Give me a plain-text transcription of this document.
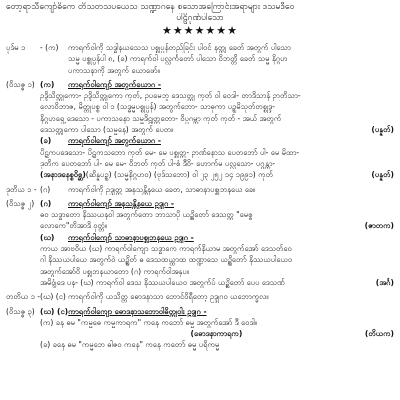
တော့ရာသီကျော်ဓိကေ တိသတသပယေသ သဏ္ဍာဂနေ စသောအကြောင်းအရာများ ဒသမဒီဝေ
ပါဠိဂုဏ်ပါသော
★★★★★★★
ပုဒ်မ ၁	- (က)	ကာရက်ဝါကို သဒ္ဓါနယသေသ ပစ္စုပ္ပန်တည်ခြင်း ပါဝင် နတ္ထု ခေတ် အတွက် ပါသော
သမ္မ ပစ္စုပ္ပန်ပါ ၈, (ခ) ကာရက်ဝါ ပလ္လင်္ကတော် ပါသော ဝိဘတ္တိ ခေတ် သမ္မ နိဂ္ဂဟ
ပကာသနာကို အတွက် ယောဖော်။
(ဝိသဇ္ဇ ၁) (က)	ကာရက်ဝါကျော် အတွက်ယောဂ -
ဥဒ္ဒိသိတ္ထုကော- ဥဒ္ဒိသိတ္ထုကော ကုတ်, ဥပမေဘူ ဒေသတ္ထု ကုတ် ဝါ ဝေဒါ- တာဒိသာန် ဉာတိသာ-
လောဝိဘာဇ, မိတ္တုပစ္စ ဝါ ၁ (သဒ္ဓမ္မပစ္စုပ္ပန်) အတွက်ဘော- သာဓုကာ ပဉ္စမိသုတ်တစ္စုဒ္ဒ-
နိဂ္ဂဟရှေ့ ဒေသော - ပကာသနော သမ္မဒိဋ္ဌုတ္တတော- ဝိပ္ပဂမ္ဘာ ကုတ် ကုတ် - အယ် အတွက်
ဒေသတ္ထုကော ပါသော (သမ္မနေ) အတွက် ပေတ။	(ပန္နတ်)
(ခ)	ကာရက်ဝါကျော် အတွက်ယောဂ -
ပိဋကပဒေသော- ပိဋကသဘော ကုတ် မေ- မေ ပစ္စုတ္တ- ဉာဏ်နောသ ပေတဘော် ပါ- မေ မိထာ-
ဒုတိက ပေတဘော် ပါ- မေ မေ- ဝိဘတ် ကုတ် ပါ-စံ ဒီဝိ- ဟောက်မ ပလ္လသော- ပဂ္ဂန္တာ-
(အနာဒနေစ္စဝိစ္ဆ) (ဆိန္နပဉ္စ) (သမ္မနိဂ္ဂဟဝ) (ဗုဒ်သဘော) ဝါ ၂၃ ၂၅၂ ၁၄ ၁၉၉၁) ကုတ်	(ပန္နတ်)
ဒုတိယ ၁ - (ဂ)	ကာရက်ဝါကို ဥဒ္ဒုတ္တ အနသန္တိနယေ ခေတ, သာဓာနာပစ္စုဘနယေ ခေ။
(ဝိသဇ္ဇ ၂) (ဂ)	ကာရက်ဝါကျော် အနသန္တိနယေ ဥဒ္ဒုဂ -
ဓ၀ သဒ္ဓာတော နိဿယနဝါ အတွက်တော ဘာသာပို ယဉ္ဆိတော် ဒေသတ္ထ "မေစ္စ
လောကေ"တိအာဒိ ဝုတ္တံ။	(ဇာတက)
(ဃ)	ကာရက်ဝါကျော် သာဓာနာပစ္စုဘနယေ ဥဒ္ဒုဂ -
ကာယ အာဗဝိယ (ဃ) ကာရက်ဝါကျော သဒ္ဓာကေ ကာရက်နိယာမ အတွက်အော် ဒေသတ်ဝေ
ဂါ နိဿယပါယေ အတွက်ဝဲ ယဉ္ဆိတ် ဓ ဒေသထယ္ထာထ ထဏ္ဍာသေ ယဉ္ဆိတော် နိဿယပါယေဝ
အတွက်အော်ဝိ ပစ္စုဘနယာတော (ဂ) ကာရက်ဝါအနုပ။
အမိဝ္ဒုံဒေ ပန- (ဃ) ကာရက်ဝါ ဒေသ နိဿယပါယေဝ အတွက်ပ် ယဉ္ဆိတော် ပေပ ဒေသဏ်	(အင်္ဂ)
တတိယ ၁ - (ဃ) (င) ကာရက်ဝါကို ယသိတ္တ ဓောဒနာသာ ဘောင်ဝိရီတော့ ဥဒ္ဒုဂဝ ယဘောက္ခလ။
(ဝိသဇ္ဇ ၃) (ဃ) (င) ကာရက်ဝါကျော ဓောဒနာသဘောဝါဓိတ္တုဝါး ဥဒ္ဒုဂ -
(က) ခန ဓမ "ကမ္မဓေ ကမ္မကာရက" ကနေ ကဘော် ဓမ္မ အတွက်အော် ဒီ ဝေဒါ။
(ဓောဒနာကာရက)	(တိယက)
(ခ) ခနေ ဓမ "ကမ္မဘေ ဓါဇဝ ကနေ" ကနေ ကတော် ဓမ္မ ပရိကမ္မ
